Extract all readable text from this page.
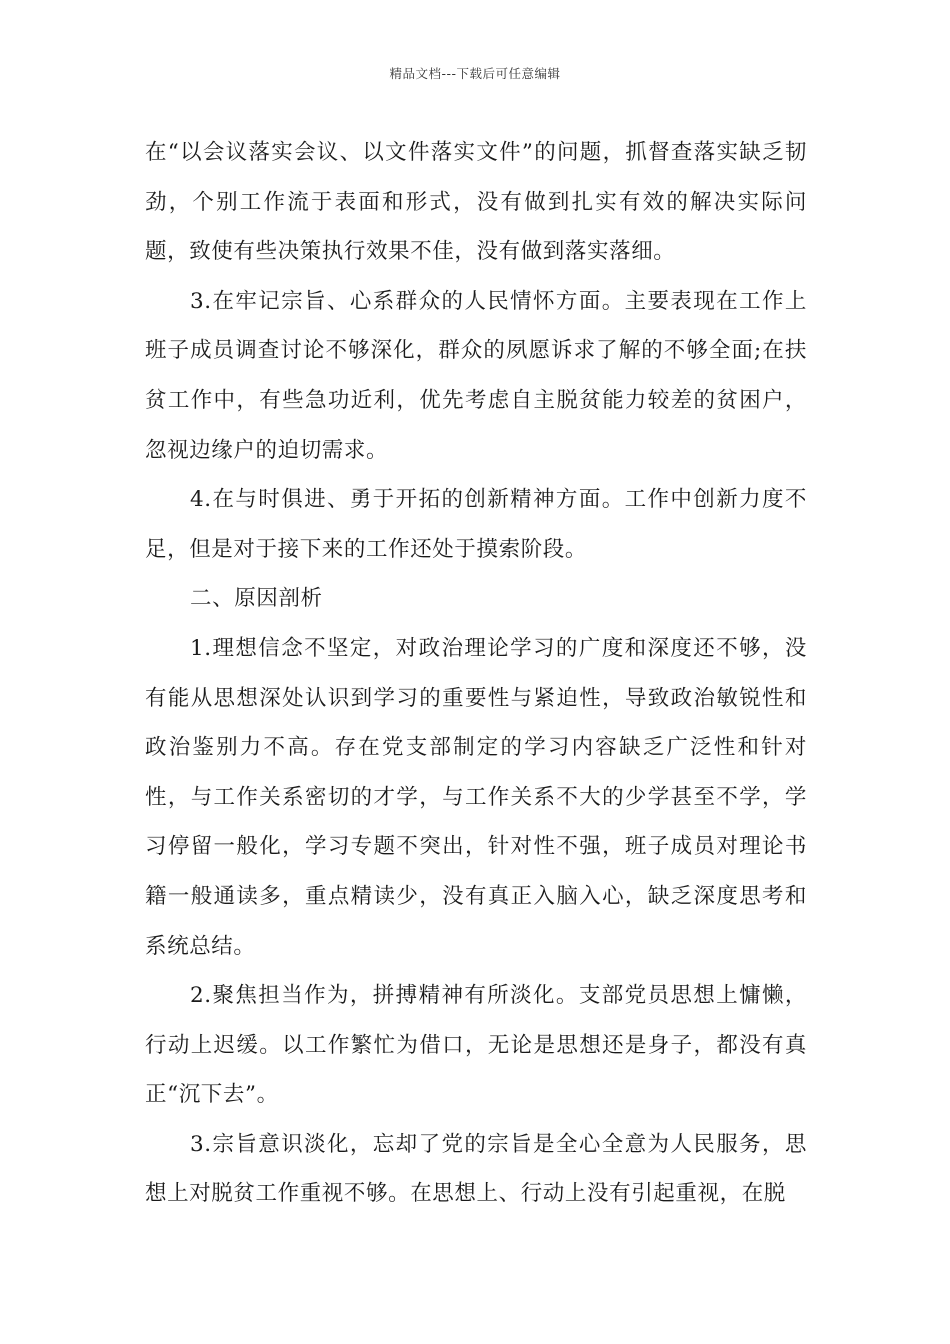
精品文档---下载后可任意编辑

在“以会议落实会议、以文件落实文件”的问题，抓督查落实缺乏韧劲，个别工作流于表面和形式，没有做到扎实有效的解决实际问题，致使有些决策执行效果不佳，没有做到落实落细。

3.在牢记宗旨、心系群众的人民情怀方面。主要表现在工作上班子成员调查讨论不够深化，群众的夙愿诉求了解的不够全面;在扶贫工作中，有些急功近利，优先考虑自主脱贫能力较差的贫困户，忽视边缘户的迫切需求。

4.在与时俱进、勇于开拓的创新精神方面。工作中创新力度不足，但是对于接下来的工作还处于摸索阶段。

二、原因剖析

1.理想信念不坚定，对政治理论学习的广度和深度还不够，没有能从思想深处认识到学习的重要性与紧迫性，导致政治敏锐性和政治鉴别力不高。存在党支部制定的学习内容缺乏广泛性和针对性，与工作关系密切的才学，与工作关系不大的少学甚至不学，学习停留一般化，学习专题不突出，针对性不强，班子成员对理论书籍一般通读多，重点精读少，没有真正入脑入心，缺乏深度思考和系统总结。

2.聚焦担当作为，拼搏精神有所淡化。支部党员思想上慵懒，行动上迟缓。以工作繁忙为借口，无论是思想还是身子，都没有真正“沉下去”。

3.宗旨意识淡化，忘却了党的宗旨是全心全意为人民服务，思想上对脱贫工作重视不够。在思想上、行动上没有引起重视，在脱
